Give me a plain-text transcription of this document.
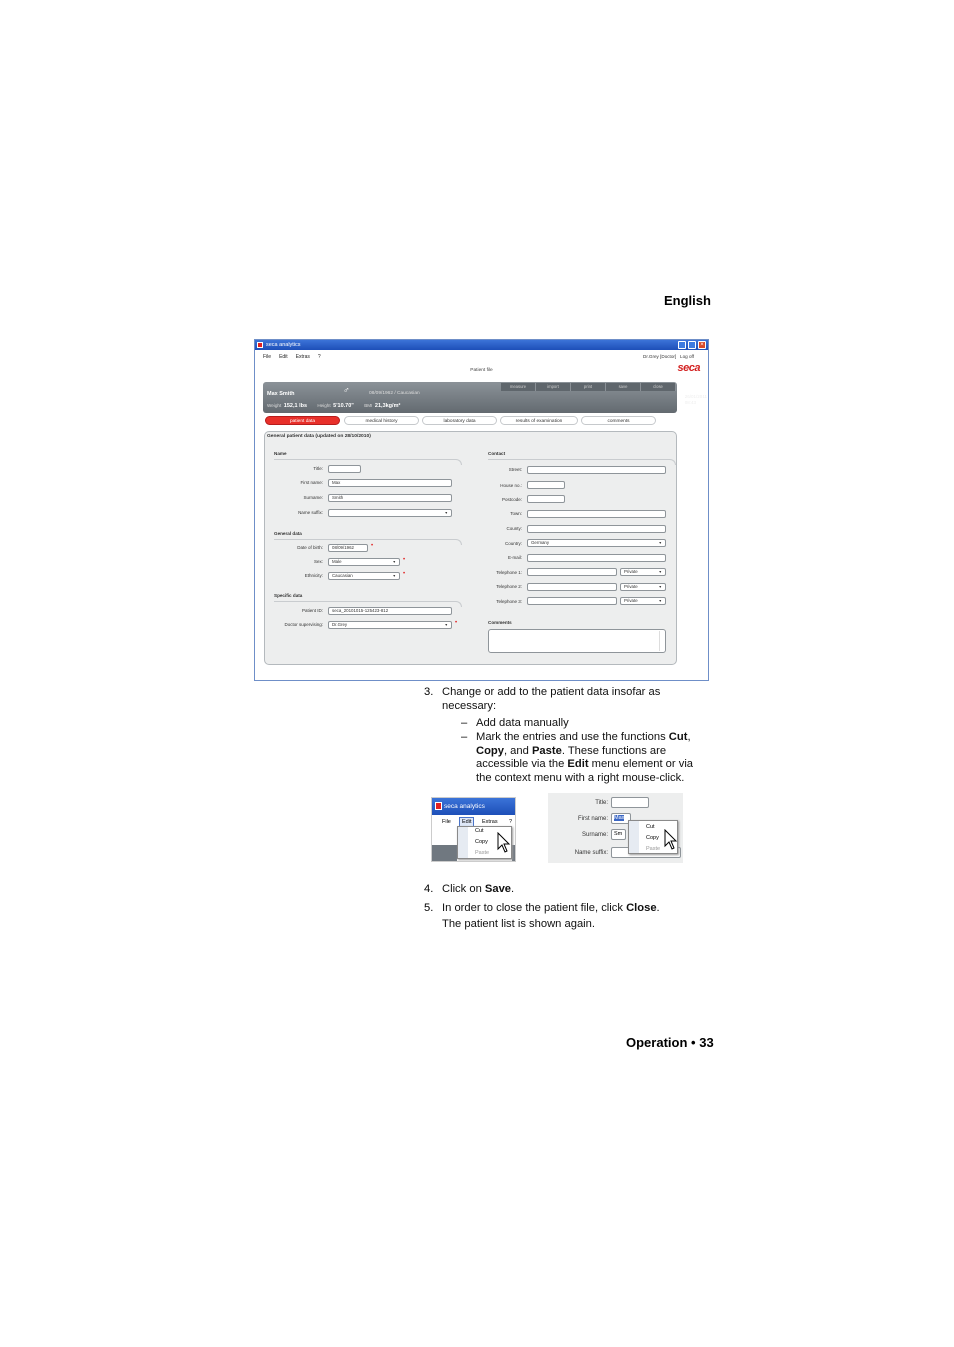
English
seca analytics	×
File Edit Extras ?	Dr.Grey [Doctor] Log off
Patient file	seca
Max Smith	♂	08/09/1962 / Caucasian
Weight 152,1 lbs Height 5'10.70" BMI 21,3kg/m²
26/01/2011
08:43
measure	import	print	save	close
patient data	medical history	laboratory data	results of examination	comments
General patient data (updated on 28/10/2010)
Name
Title:
First name:	Max
Surname:	Smith
Name suffix:
▼
General data
Date of birth:	08/09/1962	•
Sex:	Male ▼	•
Ethnicity:	Caucasian ▼	•
Specific data
Patient ID:	seca_20101015-125423-812
Doctor supervising:	Dr.Grey ▼	•
Contact
Street:
House no.:
Postcode:
Town:
County:
Country:	Germany ▼
E-mail:
Telephone 1:	Private ▼
Telephone 2:	Private ▼
Telephone 3:	Private ▼
Comments
3. Change or add to the patient data insofar as necessary:
– Add data manually
– Mark the entries and use the functions Cut, Copy, and Paste. These functions are accessible via the Edit menu element or via the context menu with a right mouse-click.
seca analytics
File	Edit	Extras ?
Cut
Copy
Paste
Title:
First name:	Max
Surname:	Sm
Name suffix:
Cut
Copy
Paste
4. Click on Save.
5. In order to close the patient file, click Close.
The patient list is shown again.
Operation • 33
